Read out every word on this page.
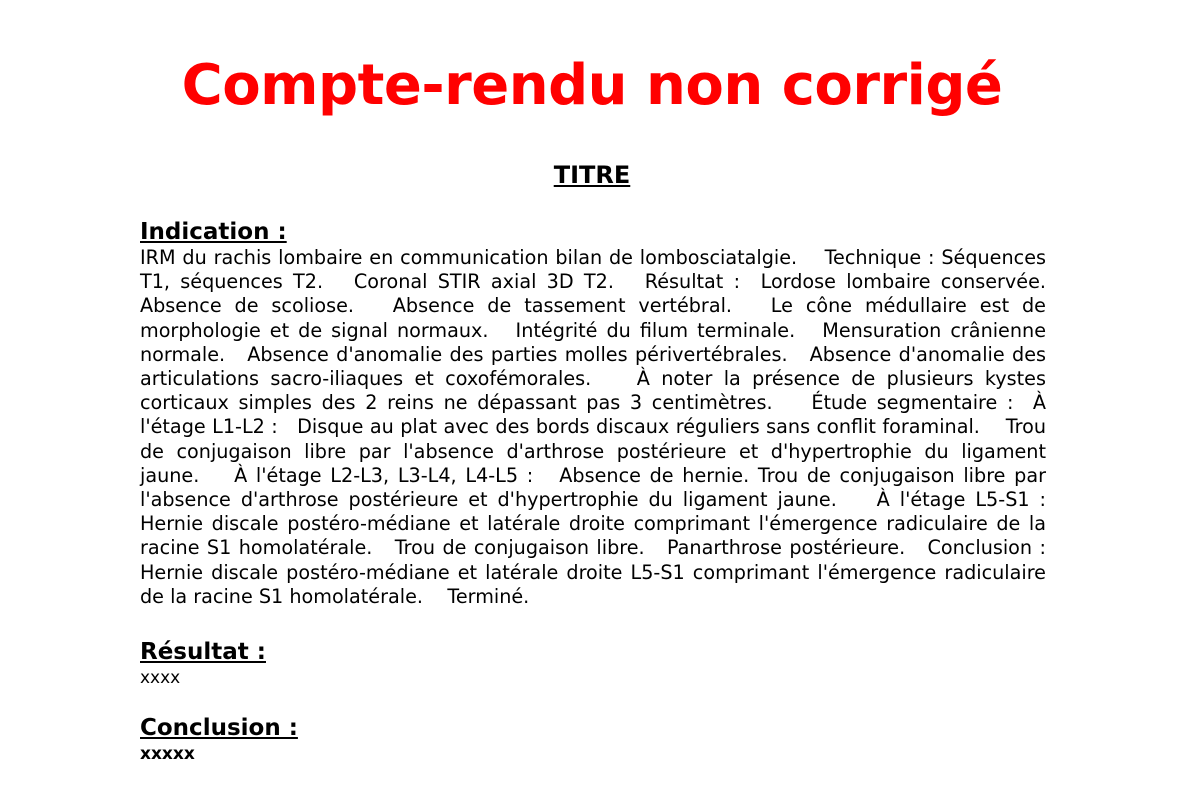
Compte-rendu non corrigé
TITRE

Indication :

IRM du rachis lombaire en communication bilan de lombosciatalgie.    Technique : Séquences T1, séquences T2.   Coronal STIR axial 3D T2.   Résultat :  Lordose lombaire conservée.   Absence de scoliose.   Absence de tassement vertébral.   Le cône médullaire est de morphologie et de signal normaux.   Intégrité du filum terminale.   Mensuration crânienne normale.   Absence d'anomalie des parties molles périvertébrales.   Absence d'anomalie des articulations sacro-iliaques et coxofémorales.    À noter la présence de plusieurs kystes corticaux simples des 2 reins ne dépassant pas 3 centimètres.    Étude segmentaire :  À l'étage L1-L2 :   Disque au plat avec des bords discaux réguliers sans conflit foraminal.    Trou de conjugaison libre par l'absence d'arthrose postérieure et d'hypertrophie du ligament jaune.    À l'étage L2-L3, L3-L4, L4-L5 :   Absence de hernie. Trou de conjugaison libre par l'absence d'arthrose postérieure et d'hypertrophie du ligament jaune.    À l'étage L5-S1 :   Hernie discale postéro-médiane et latérale droite comprimant l'émergence radiculaire de la racine S1 homolatérale.   Trou de conjugaison libre.   Panarthrose postérieure.   Conclusion :   Hernie discale postéro-médiane et latérale droite L5-S1 comprimant l'émergence radiculaire de la racine S1 homolatérale.    Terminé.

Résultat :

xxxx

Conclusion :

xxxxx
